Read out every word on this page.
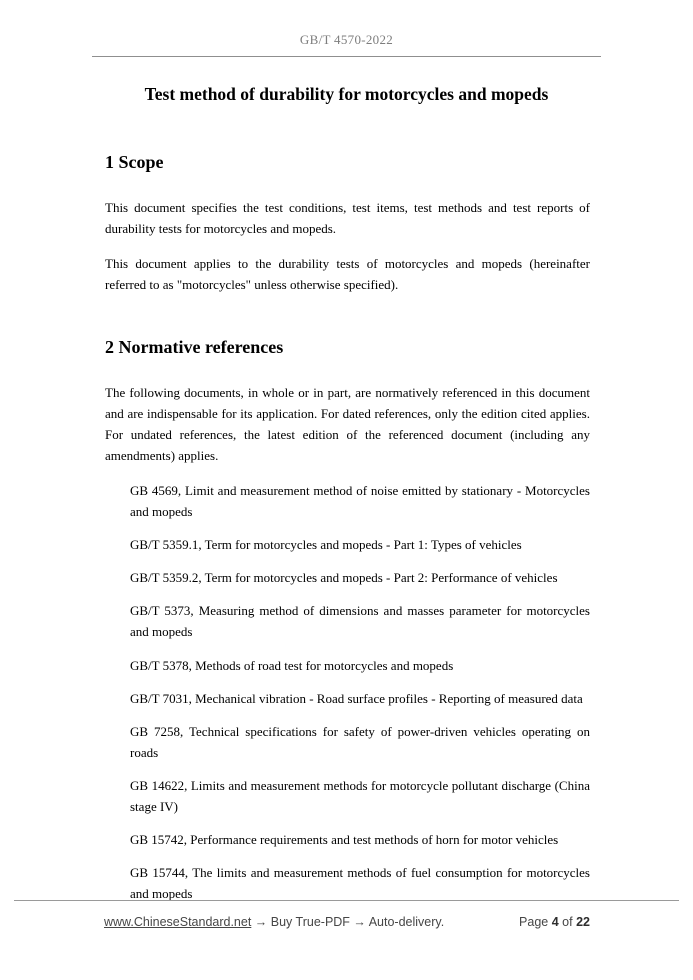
GB/T 4570-2022
Test method of durability for motorcycles and mopeds
1 Scope

This document specifies the test conditions, test items, test methods and test reports of durability tests for motorcycles and mopeds.

This document applies to the durability tests of motorcycles and mopeds (hereinafter referred to as "motorcycles" unless otherwise specified).

2 Normative references

The following documents, in whole or in part, are normatively referenced in this document and are indispensable for its application. For dated references, only the edition cited applies. For undated references, the latest edition of the referenced document (including any amendments) applies.

GB 4569, Limit and measurement method of noise emitted by stationary - Motorcycles and mopeds

GB/T 5359.1, Term for motorcycles and mopeds - Part 1: Types of vehicles

GB/T 5359.2, Term for motorcycles and mopeds - Part 2: Performance of vehicles

GB/T 5373, Measuring method of dimensions and masses parameter for motorcycles and mopeds

GB/T 5378, Methods of road test for motorcycles and mopeds

GB/T 7031, Mechanical vibration - Road surface profiles - Reporting of measured data

GB 7258, Technical specifications for safety of power-driven vehicles operating on roads

GB 14622, Limits and measurement methods for motorcycle pollutant discharge (China stage IV)

GB 15742, Performance requirements and test methods of horn for motor vehicles

GB 15744, The limits and measurement methods of fuel consumption for motorcycles and mopeds

www.ChineseStandard.net → Buy True-PDF → Auto-delivery.	Page 4 of 22
